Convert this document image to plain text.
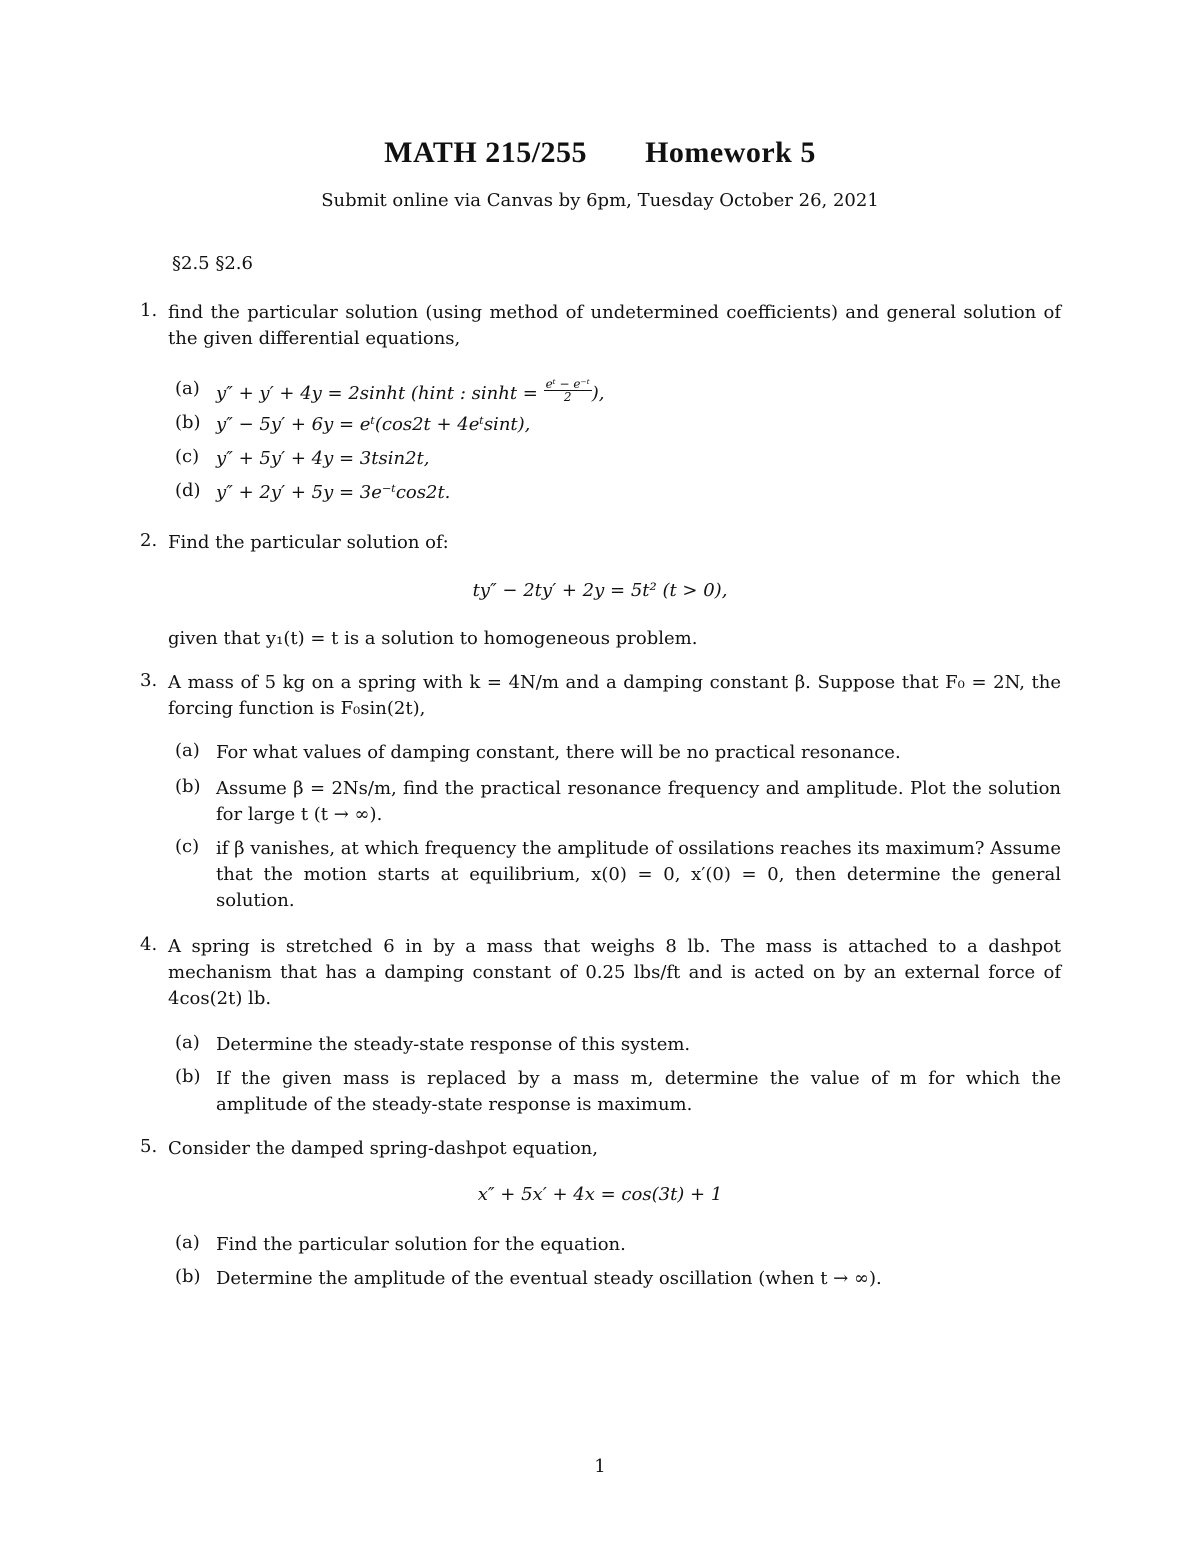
MATH 215/255 Homework 5
Submit online via Canvas by 6pm, Tuesday October 26, 2021
§2.5 §2.6
1. find the particular solution (using method of undetermined coefficients) and general solution of the given differential equations,
(a) y″ + y′ + 4y = 2sinht (hint : $\sinh t = \frac{\text{eᵗ − e⁻ᵗ}}{2}$ ),
(b) y″ − 5y′ + 6y = eᵗ(cos2t + 4eᵗsint),
(c) y″ + 5y′ + 4y = 3tsin2t,
(d) y″ + 2y′ + 5y = 3e⁻ᵗcos2t.
2. Find the particular solution of:
ty″ − 2ty′ + 2y = 5t² (t > 0),
given that y₁(t) = t is a solution to homogeneous problem.
3. A mass of 5 kg on a spring with k = 4N/m and a damping constant β. Suppose that F₀ = 2N, the forcing function is F₀sin(2t),
(a) For what values of damping constant, there will be no practical resonance.
(b) Assume β = 2Ns/m, find the practical resonance frequency and amplitude. Plot the solution for large t (t → ∞).
(c) if β vanishes, at which frequency the amplitude of ossilations reaches its maximum? Assume that the motion starts at equilibrium, x(0) = 0, x′(0) = 0, then determine the general solution.
4. A spring is stretched 6 in by a mass that weighs 8 lb. The mass is attached to a dashpot mechanism that has a damping constant of 0.25 lbs/ft and is acted on by an external force of 4cos(2t) lb.
(a) Determine the steady-state response of this system.
(b) If the given mass is replaced by a mass m, determine the value of m for which the amplitude of the steady-state response is maximum.
5. Consider the damped spring-dashpot equation,
x″ + 5x′ + 4x = cos(3t) + 1
(a) Find the particular solution for the equation.
(b) Determine the amplitude of the eventual steady oscillation (when t → ∞).
1
